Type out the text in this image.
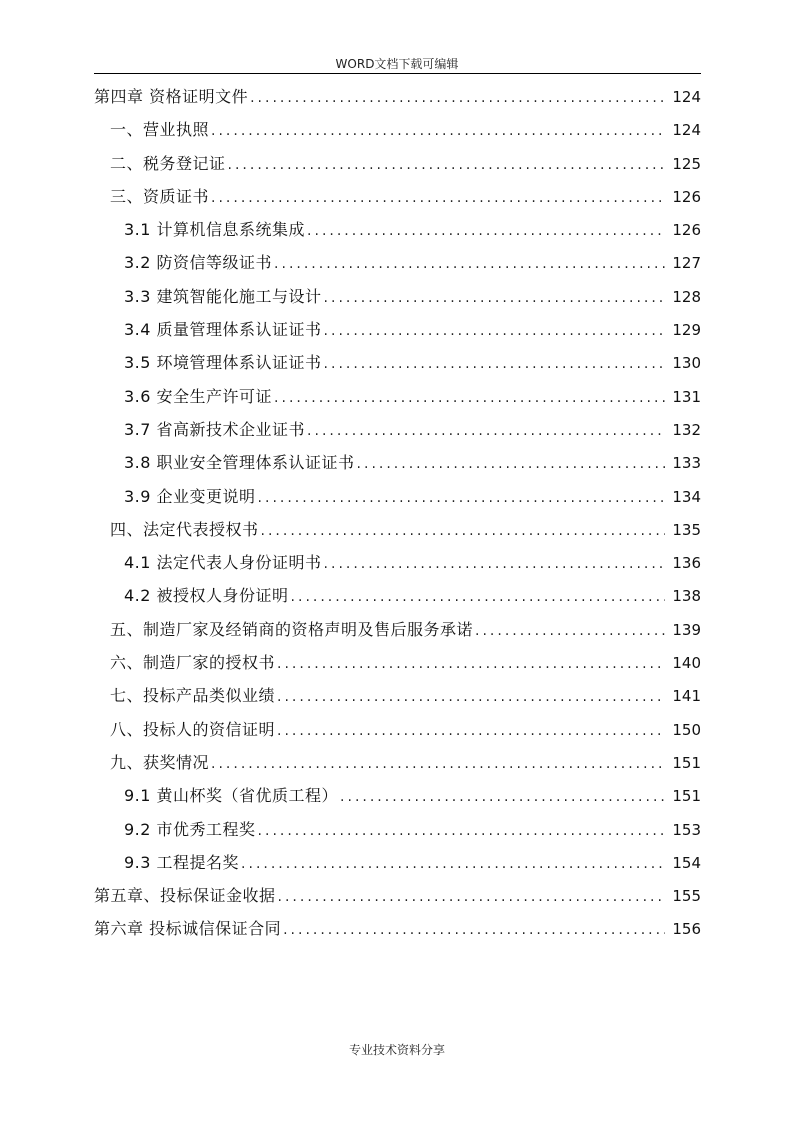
WORD文档下载可编辑
第四章 资格证明文件 .....	124
一、营业执照 .....	124
二、税务登记证 .....	125
三、资质证书 .....	126
3.1 计算机信息系统集成 .....	126
3.2 防资信等级证书 .....	127
3.3 建筑智能化施工与设计 .....	128
3.4 质量管理体系认证证书 .....	129
3.5 环境管理体系认证证书 .....	130
3.6 安全生产许可证 .....	131
3.7 省高新技术企业证书 .....	132
3.8 职业安全管理体系认证证书 .....	133
3.9 企业变更说明 .....	134
四、法定代表授权书 .....	135
4.1 法定代表人身份证明书 .....	136
4.2 被授权人身份证明 .....	138
五、制造厂家及经销商的资格声明及售后服务承诺 .....	139
六、制造厂家的授权书 .....	140
七、投标产品类似业绩 .....	141
八、投标人的资信证明 .....	150
九、获奖情况 .....	151
9.1 黄山杯奖（省优质工程） .....	151
9.2 市优秀工程奖 .....	153
9.3 工程提名奖 .....	154
第五章、投标保证金收据 .....	155
第六章 投标诚信保证合同 .....	156
专业技术资料分享
